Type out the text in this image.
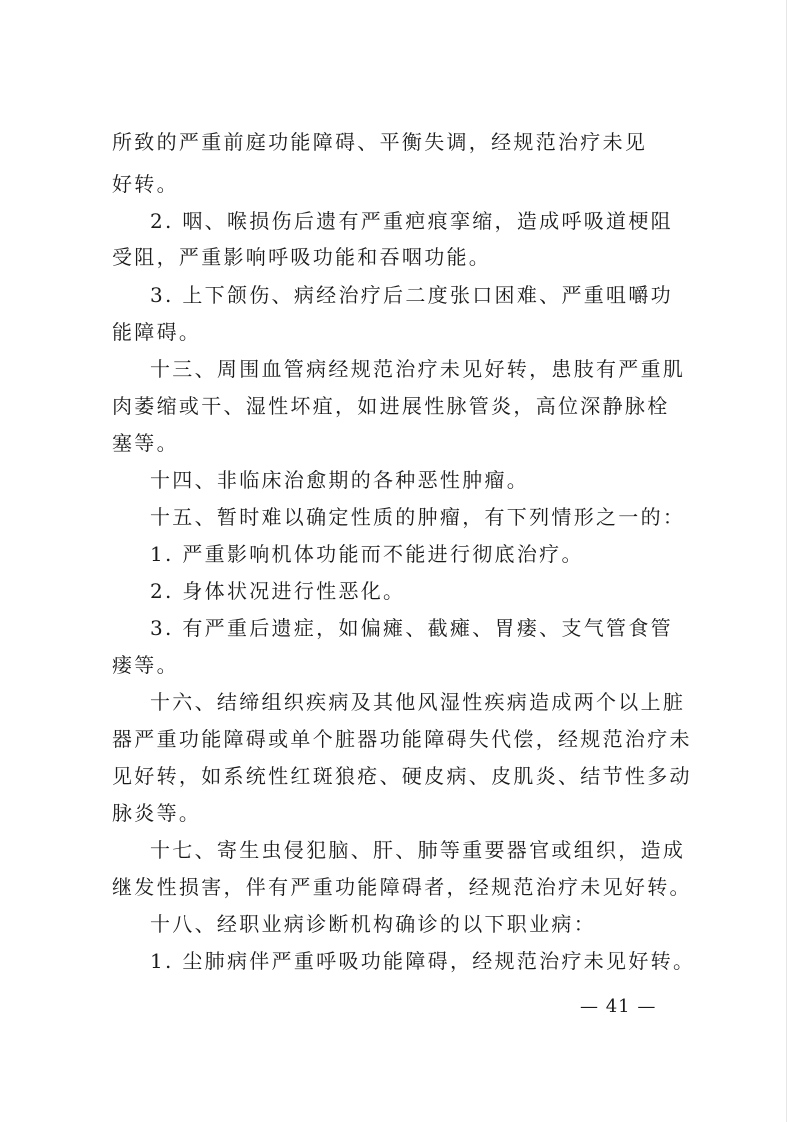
所致的严重前庭功能障碍、平衡失调，经规范治疗未见
好转。
2. 咽、喉损伤后遗有严重疤痕挛缩，造成呼吸道梗阻
受阻，严重影响呼吸功能和吞咽功能。
3. 上下颌伤、病经治疗后二度张口困难、严重咀嚼功
能障碍。
十三、周围血管病经规范治疗未见好转，患肢有严重肌
肉萎缩或干、湿性坏疽，如进展性脉管炎，高位深静脉栓
塞等。
十四、非临床治愈期的各种恶性肿瘤。
十五、暂时难以确定性质的肿瘤，有下列情形之一的：
1. 严重影响机体功能而不能进行彻底治疗。
2. 身体状况进行性恶化。
3. 有严重后遗症，如偏瘫、截瘫、胃瘘、支气管食管
瘘等。
十六、结缔组织疾病及其他风湿性疾病造成两个以上脏
器严重功能障碍或单个脏器功能障碍失代偿，经规范治疗未
见好转，如系统性红斑狼疮、硬皮病、皮肌炎、结节性多动
脉炎等。
十七、寄生虫侵犯脑、肝、肺等重要器官或组织，造成
继发性损害，伴有严重功能障碍者，经规范治疗未见好转。
十八、经职业病诊断机构确诊的以下职业病：
1. 尘肺病伴严重呼吸功能障碍，经规范治疗未见好转。
— 41 —
